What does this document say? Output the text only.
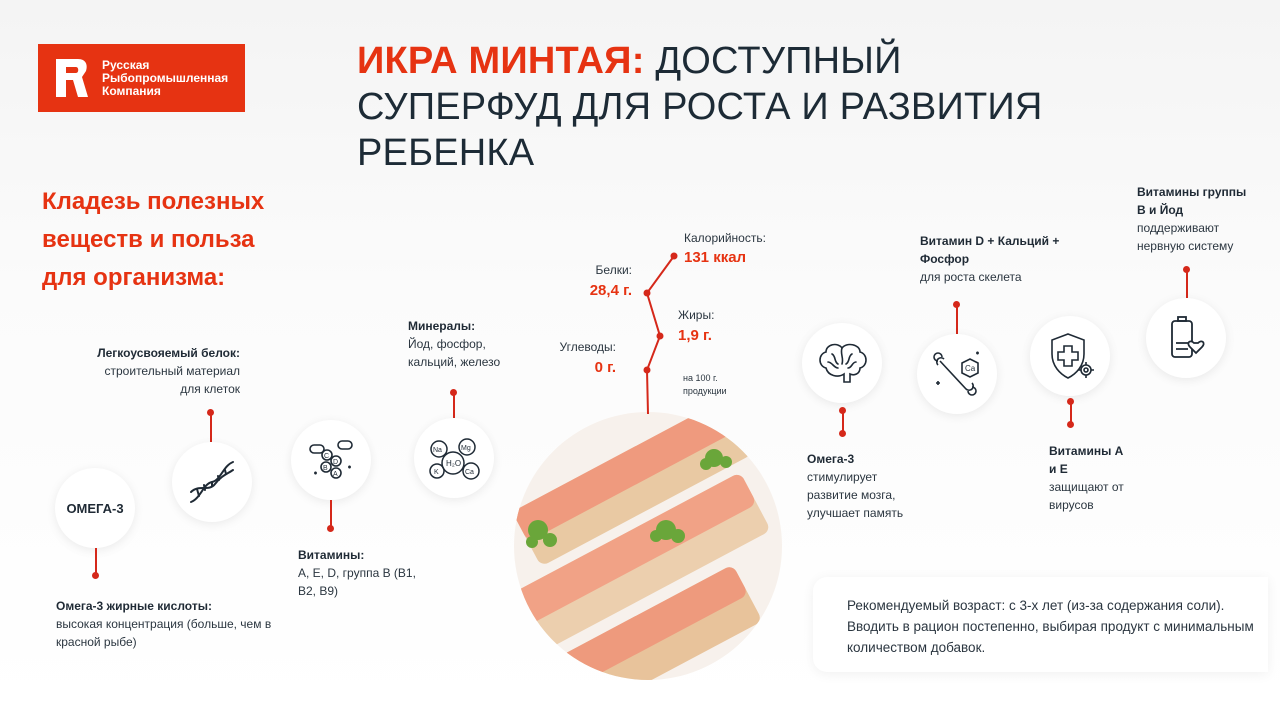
Русская
Рыбопромышленная
Компания
ИКРА МИНТАЯ: ДОСТУПНЫЙ СУПЕРФУД ДЛЯ РОСТА И РАЗВИТИЯ РЕБЕНКА
Кладезь полезных веществ и польза для организма:
ОМЕГА-3
Омега-3 жирные кислоты:
высокая концентрация (больше, чем в красной рыбе)
Легкоусвояемый белок:
строительный материал
для клеток
C
D
B
A
Витамины:
A, E, D, группа B (B1, B2, B9)
Минералы:
Йод, фосфор, кальций, железо
Na	Mg
H₂O
K	Ca
Калорийность:
131 ккал
Белки:
28,4 г.
Жиры:
1,9 г.
Углеводы:
0 г.
на 100 г. продукции
Омега-3
стимулирует развитие мозга, улучшает память
Витамин D + Кальций + Фосфор
для роста скелета
Ca
Витамины А и Е
защищают от вирусов
Витамины группы В и Йод
поддерживают нервную систему
Рекомендуемый возраст: с 3-х лет (из-за содержания соли). Вводить в рацион постепенно, выбирая продукт с минимальным количеством добавок.
